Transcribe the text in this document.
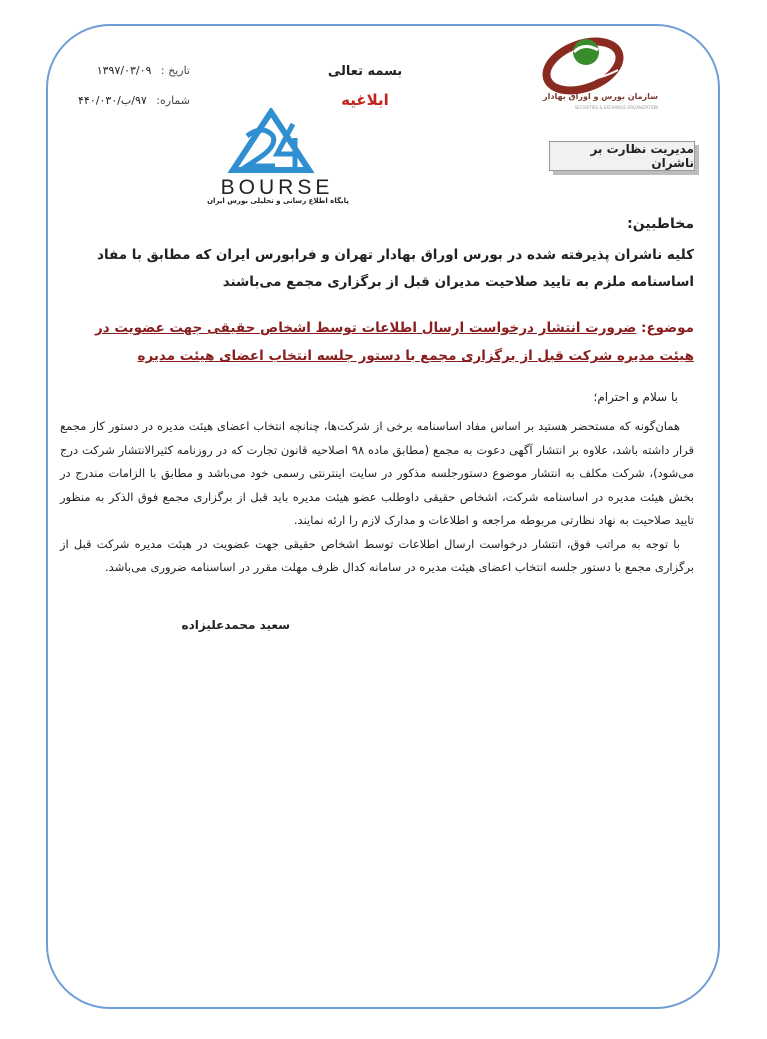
سازمان بورس و اوراق بهادار
SECURITIES & EXCHANGE ORGANIZATION
بسمه تعالی
ابلاغیه
تاریخ : ۱۳۹۷/۰۳/۰۹
شماره: ۹۷/ب/۴۴۰/۰۳۰
BOURSE
پایگاه اطلاع رسانی و تحلیلی بورس ایران
مدیریت نظارت بر ناشران
مخاطبین:
کلیه ناشران پذیرفته شده در بورس اوراق بهادار تهران و فرابورس ایران که مطابق با مفاد اساسنامه ملزم به تایید صلاحیت مدیران قبل از برگزاری مجمع می‌باشند
موضوع: ضرورت انتشار درخواست ارسال اطلاعات توسط اشخاص حقیقی جهت عضویت در هیئت مدیره شرکت قبل از برگزاری مجمع با دستور جلسه انتخاب اعضای هیئت مدیره
با سلام و احترام؛

همان‌گونه که مستحضر هستید بر اساس مفاد اساسنامه برخی از شرکت‌ها، چنانچه انتخاب اعضای هیئت مدیره در دستور کار مجمع قرار داشته باشد، علاوه بر انتشار آگهی دعوت به مجمع (مطابق ماده ۹۸ اصلاحیه قانون تجارت که در روزنامه کثیرالانتشار شرکت درج می‌شود)، شرکت مکلف به انتشار موضوع دستورجلسه مذکور در سایت اینترنتی رسمی خود می‌باشد و مطابق با الزامات مندرج در بخش هیئت مدیره در اساسنامه شرکت، اشخاص حقیقی داوطلب عضو هیئت مدیره باید قبل از برگزاری مجمع فوق الذکر به منظور تایید صلاحیت به نهاد نظارتی مربوطه مراجعه و اطلاعات و مدارک لازم را ارئه نمایند.

با توجه به مراتب فوق، انتشار درخواست ارسال اطلاعات توسط اشخاص حقیقی جهت عضویت در هیئت مدیره شرکت قبل از برگزاری مجمع با دستور جلسه انتخاب اعضای هیئت مدیره در سامانه کدال ظرف مهلت مقرر در اساسنامه ضروری می‌باشد.

سعید محمدعلیزاده
